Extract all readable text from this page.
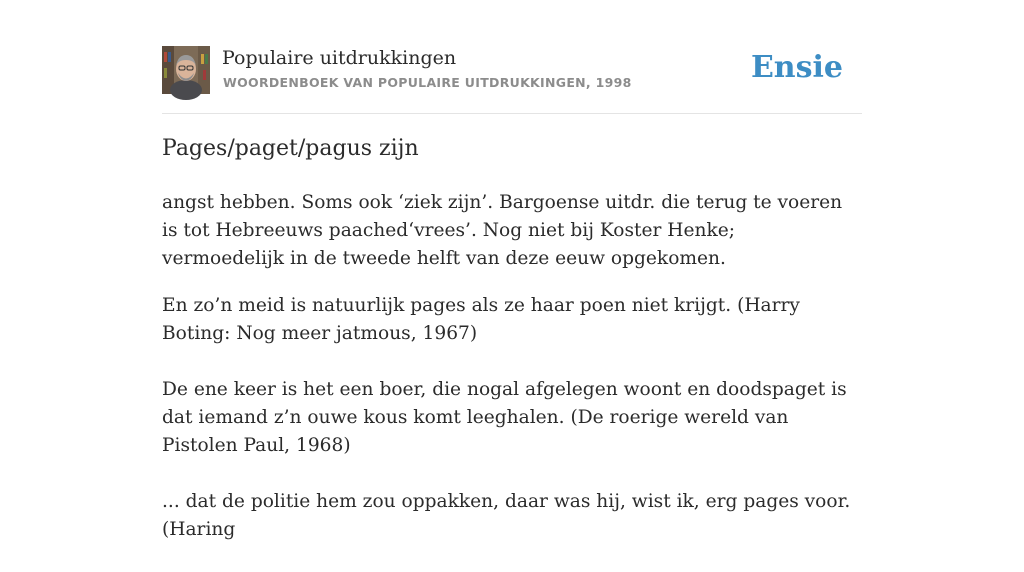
Populaire uitdrukkingen
WOORDENBOEK VAN POPULAIRE UITDRUKKINGEN, 1998	Ensie
Pages/paget/pagus zijn

angst hebben. Soms ook ‘ziek zijn’. Bargoense uitdr. die terug te voeren is tot Hebreeuws paached‘vrees’. Nog niet bij Koster Henke; vermoedelijk in de tweede helft van deze eeuw opgekomen.

En zo’n meid is natuurlijk pages als ze haar poen niet krijgt. (Harry Boting: Nog meer jatmous, 1967)

De ene keer is het een boer, die nogal afgelegen woont en doodspaget is dat iemand z’n ouwe kous komt leeghalen. (De roerige wereld van Pistolen Paul, 1968)

... dat de politie hem zou oppakken, daar was hij, wist ik, erg pages voor. (Haring
